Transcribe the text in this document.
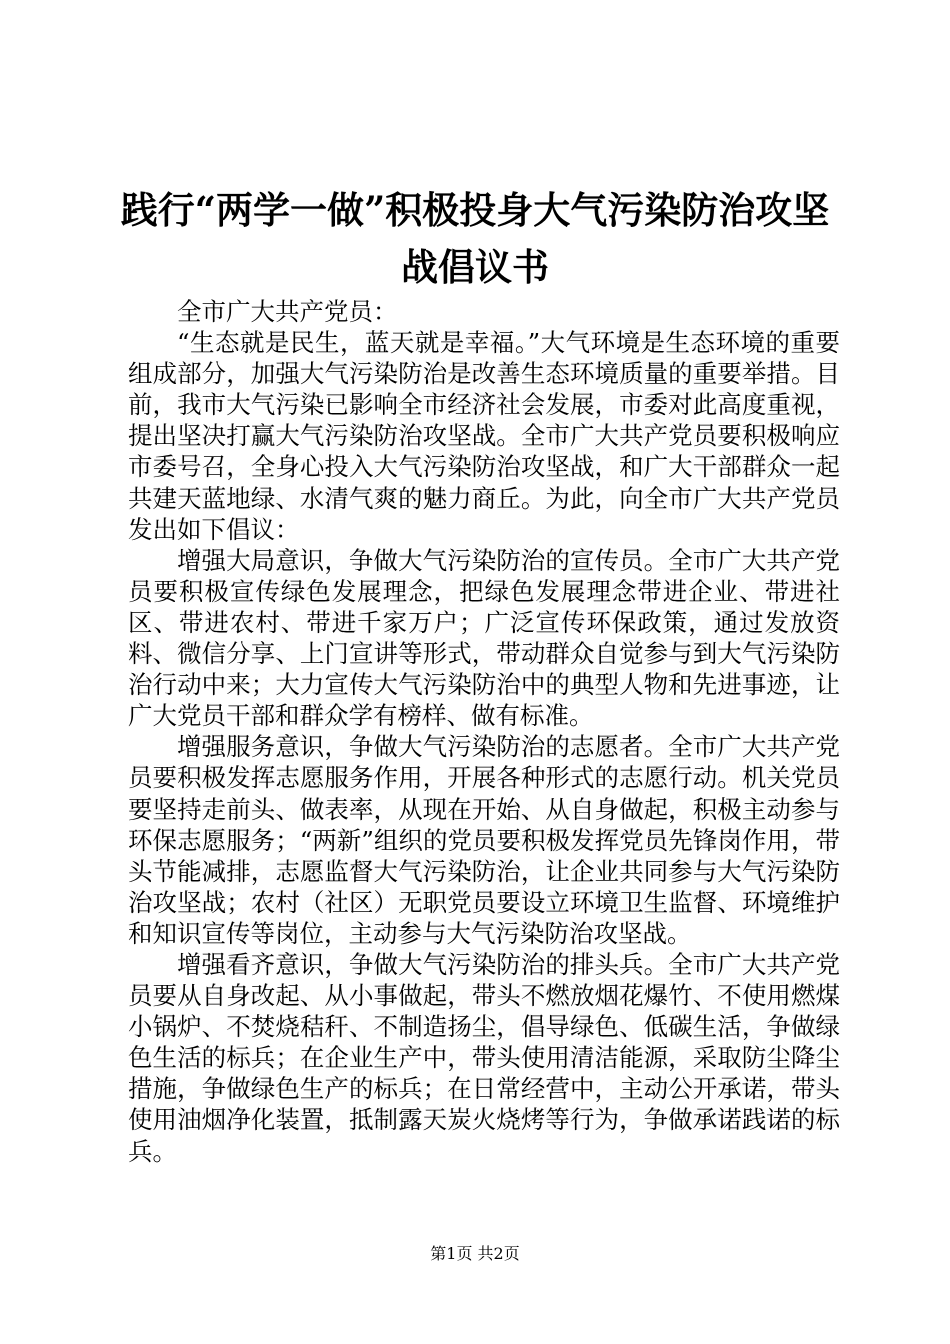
践行“两学一做”积极投身大气污染防治攻坚
战倡议书

全市广大共产党员：

“生态就是民生，蓝天就是幸福。”大气环境是生态环境的重要组成部分，加强大气污染防治是改善生态环境质量的重要举措。目前，我市大气污染已影响全市经济社会发展，市委对此高度重视，提出坚决打赢大气污染防治攻坚战。全市广大共产党员要积极响应市委号召，全身心投入大气污染防治攻坚战，和广大干部群众一起共建天蓝地绿、水清气爽的魅力商丘。为此，向全市广大共产党员发出如下倡议：

增强大局意识，争做大气污染防治的宣传员。全市广大共产党员要积极宣传绿色发展理念，把绿色发展理念带进企业、带进社区、带进农村、带进千家万户；广泛宣传环保政策，通过发放资料、微信分享、上门宣讲等形式，带动群众自觉参与到大气污染防治行动中来；大力宣传大气污染防治中的典型人物和先进事迹，让广大党员干部和群众学有榜样、做有标准。

增强服务意识，争做大气污染防治的志愿者。全市广大共产党员要积极发挥志愿服务作用，开展各种形式的志愿行动。机关党员要坚持走前头、做表率，从现在开始、从自身做起，积极主动参与环保志愿服务；“两新”组织的党员要积极发挥党员先锋岗作用，带头节能减排，志愿监督大气污染防治，让企业共同参与大气污染防治攻坚战；农村（社区）无职党员要设立环境卫生监督、环境维护和知识宣传等岗位，主动参与大气污染防治攻坚战。

增强看齐意识，争做大气污染防治的排头兵。全市广大共产党员要从自身改起、从小事做起，带头不燃放烟花爆竹、不使用燃煤小锅炉、不焚烧秸秆、不制造扬尘，倡导绿色、低碳生活，争做绿色生活的标兵；在企业生产中，带头使用清洁能源，采取防尘降尘措施，争做绿色生产的标兵；在日常经营中，主动公开承诺，带头使用油烟净化装置，抵制露天炭火烧烤等行为，争做承诺践诺的标兵。

第1页 共2页
